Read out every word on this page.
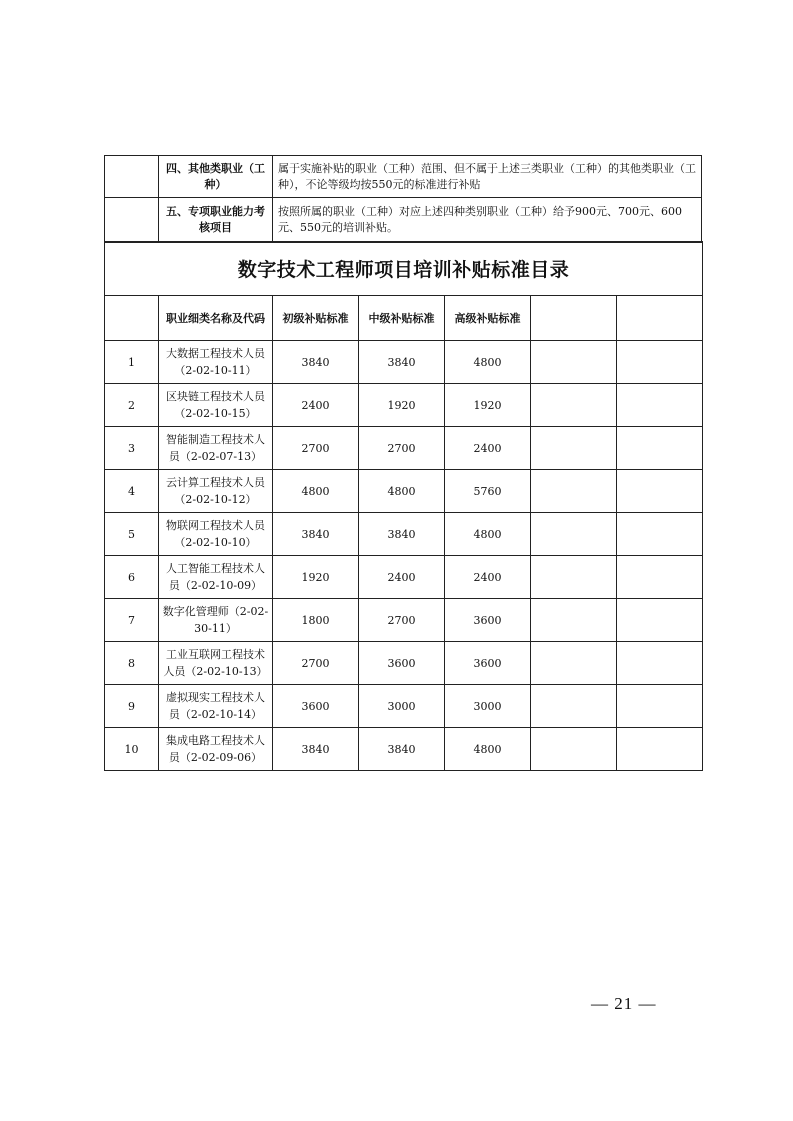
	四、其他类职业（工种）	属于实施补贴的职业（工种）范围、但不属于上述三类职业（工种）的其他类职业（工种），不论等级均按550元的标准进行补贴
	五、专项职业能力考核项目	按照所属的职业（工种）对应上述四种类别职业（工种）给予900元、700元、600元、550元的培训补贴。
数字技术工程师项目培训补贴标准目录						
	职业细类名称及代码	初级补贴标准	中级补贴标准	高级补贴标准		
1	大数据工程技术人员（2-02-10-11）	3840	3840	4800		
2	区块链工程技术人员（2-02-10-15）	2400	1920	1920		
3	智能制造工程技术人员（2-02-07-13）	2700	2700	2400		
4	云计算工程技术人员（2-02-10-12）	4800	4800	5760		
5	物联网工程技术人员（2-02-10-10）	3840	3840	4800		
6	人工智能工程技术人员（2-02-10-09）	1920	2400	2400		
7	数字化管理师（2-02-30-11）	1800	2700	3600		
8	工业互联网工程技术人员（2-02-10-13）	2700	3600	3600		
9	虚拟现实工程技术人员（2-02-10-14）	3600	3000	3000		
10	集成电路工程技术人员（2-02-09-06）	3840	3840	4800		
— 21 —
